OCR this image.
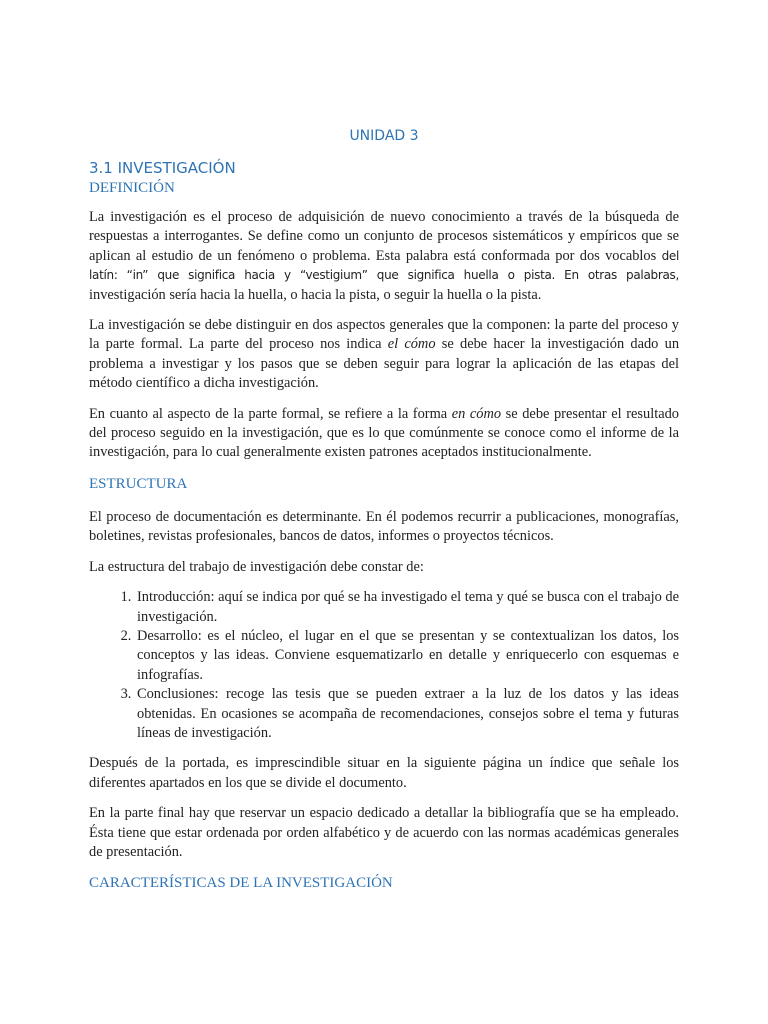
UNIDAD 3
3.1 INVESTIGACIÓN
DEFINICIÓN

La investigación es el proceso de adquisición de nuevo conocimiento a través de la búsqueda de respuestas a interrogantes. Se define como un conjunto de procesos sistemáticos y empíricos que se aplican al estudio de un fenómeno o problema. Esta palabra está conformada por dos vocablos del latín: “in” que significa hacia y “vestigium” que significa huella o pista. En otras palabras, investigación sería hacia la huella, o hacia la pista, o seguir la huella o la pista.

La investigación se debe distinguir en dos aspectos generales que la componen: la parte del proceso y la parte formal. La parte del proceso nos indica el cómo se debe hacer la investigación dado un problema a investigar y los pasos que se deben seguir para lograr la aplicación de las etapas del método científico a dicha investigación.

En cuanto al aspecto de la parte formal, se refiere a la forma en cómo se debe presentar el resultado del proceso seguido en la investigación, que es lo que comúnmente se conoce como el informe de la investigación, para lo cual generalmente existen patrones aceptados institucionalmente.

ESTRUCTURA

El proceso de documentación es determinante. En él podemos recurrir a publicaciones, monografías, boletines, revistas profesionales, bancos de datos, informes o proyectos técnicos.

La estructura del trabajo de investigación debe constar de:

1. Introducción: aquí se indica por qué se ha investigado el tema y qué se busca con el trabajo de investigación.
2. Desarrollo: es el núcleo, el lugar en el que se presentan y se contextualizan los datos, los conceptos y las ideas. Conviene esquematizarlo en detalle y enriquecerlo con esquemas e infografías.
3. Conclusiones: recoge las tesis que se pueden extraer a la luz de los datos y las ideas obtenidas. En ocasiones se acompaña de recomendaciones, consejos sobre el tema y futuras líneas de investigación.

Después de la portada, es imprescindible situar en la siguiente página un índice que señale los diferentes apartados en los que se divide el documento.

En la parte final hay que reservar un espacio dedicado a detallar la bibliografía que se ha empleado. Ésta tiene que estar ordenada por orden alfabético y de acuerdo con las normas académicas generales de presentación.

CARACTERÍSTICAS DE LA INVESTIGACIÓN
